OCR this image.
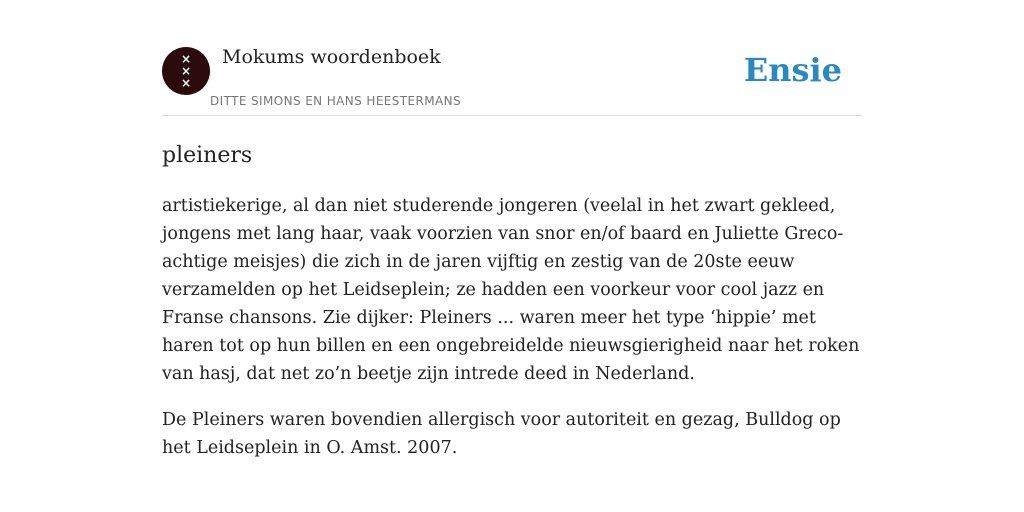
×
×
×
Mokums woordenboek
DITTE SIMONS EN HANS HEESTERMANS
Ensie
pleiners

artistiekerige, al dan niet studerende jongeren (veelal in het zwart gekleed, jongens met lang haar, vaak voorzien van snor en/of baard en Juliette Greco-achtige meisjes) die zich in de jaren vijftig en zestig van de 20ste eeuw verzamelden op het Leidseplein; ze hadden een voorkeur voor cool jazz en Franse chansons. Zie dijker: Pleiners ... waren meer het type ‘hippie’ met haren tot op hun billen en een ongebreidelde nieuwsgierigheid naar het roken van hasj, dat net zo’n beetje zijn intrede deed in Nederland.

De Pleiners waren bovendien allergisch voor autoriteit en gezag, Bulldog op het Leidseplein in O. Amst. 2007.
